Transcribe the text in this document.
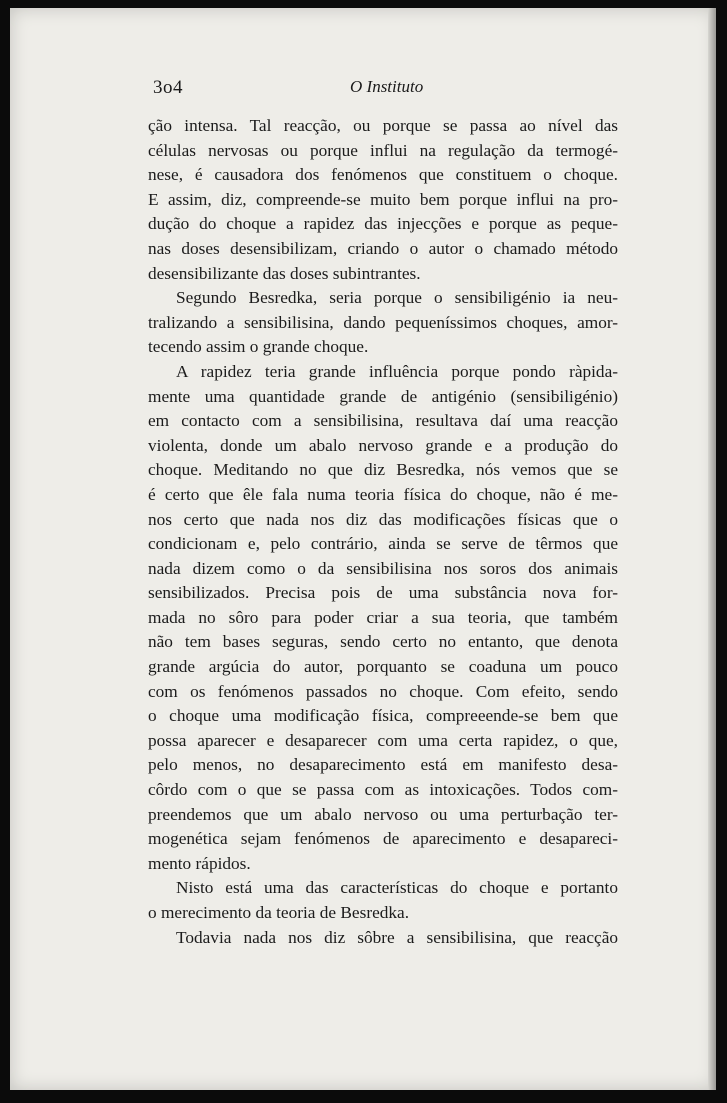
3o4	O Instituto
ção intensa. Tal reacção, ou porque se passa ao nível das
células nervosas ou porque influi na regulação da termogé-
nese, é causadora dos fenómenos que constituem o choque.
E assim, diz, compreende-se muito bem porque influi na pro-
dução do choque a rapidez das injecções e porque as peque-
nas doses desensibilizam, criando o autor o chamado método
desensibilizante das doses subintrantes.
Segundo Besredka, seria porque o sensibiligénio ia neu-
tralizando a sensibilisina, dando pequeníssimos choques, amor-
tecendo assim o grande choque.
A rapidez teria grande influência porque pondo ràpida-
mente uma quantidade grande de antigénio (sensibiligénio)
em contacto com a sensibilisina, resultava daí uma reacção
violenta, donde um abalo nervoso grande e a produção do
choque. Meditando no que diz Besredka, nós vemos que se
é certo que êle fala numa teoria física do choque, não é me-
nos certo que nada nos diz das modificações físicas que o
condicionam e, pelo contrário, ainda se serve de têrmos que
nada dizem como o da sensibilisina nos soros dos animais
sensibilizados. Precisa pois de uma substância nova for-
mada no sôro para poder criar a sua teoria, que também
não tem bases seguras, sendo certo no entanto, que denota
grande argúcia do autor, porquanto se coaduna um pouco
com os fenómenos passados no choque. Com efeito, sendo
o choque uma modificação física, compreeende-se bem que
possa aparecer e desaparecer com uma certa rapidez, o que,
pelo menos, no desaparecimento está em manifesto desa-
côrdo com o que se passa com as intoxicações. Todos com-
preendemos que um abalo nervoso ou uma perturbação ter-
mogenética sejam fenómenos de aparecimento e desapareci-
mento rápidos.
Nisto está uma das características do choque e portanto
o merecimento da teoria de Besredka.
Todavia nada nos diz sôbre a sensibilisina, que reacção
